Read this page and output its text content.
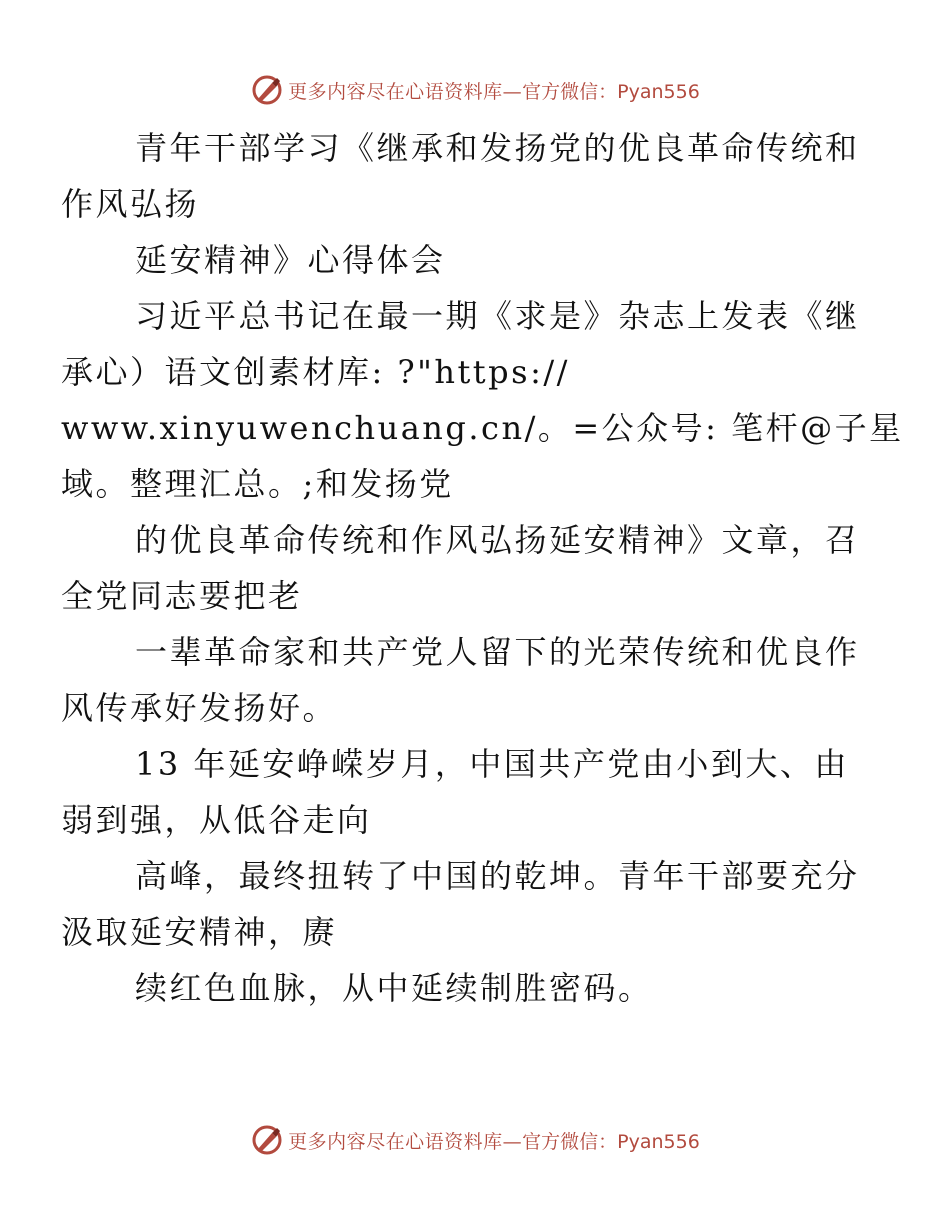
更多内容尽在心语资料库— 官方微信：Pyan556

青年干部学习《继承和发扬党的优良革命传统和
作风弘扬

延安精神》心得体会

习近平总书记在最一期《求是》杂志上发表《继
承心）语文创素材库: ?"https://
www.xinyuwenchuang.cn/。=公众号: 笔杆@子星
域。整理汇总。;和发扬党

的优良革命传统和作风弘扬延安精神》文章，召
全党同志要把老

一辈革命家和共产党人留下的光荣传统和优良作
风传承好发扬好。

13 年延安峥嵘岁月，中国共产党由小到大、由
弱到强，从低谷走向

高峰，最终扭转了中国的乾坤。青年干部要充分
汲取延安精神，赓

续红色血脉，从中延续制胜密码。

更多内容尽在心语资料库— 官方微信：Pyan556
